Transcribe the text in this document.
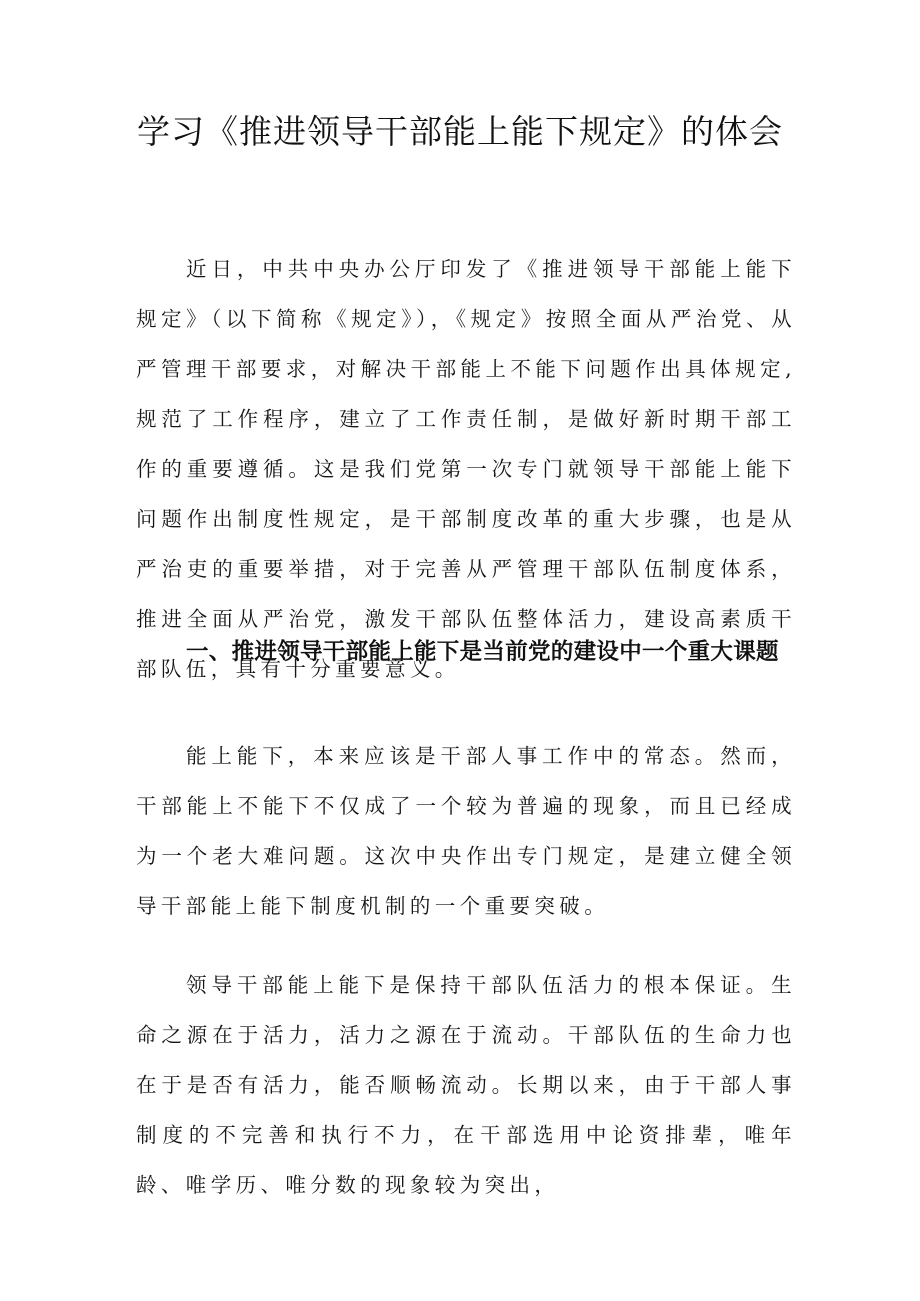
学习《推进领导干部能上能下规定》的体会

近日，中共中央办公厅印发了《推进领导干部能上能下规定》（以下简称《规定》），《规定》按照全面从严治党、从严管理干部要求，对解决干部能上不能下问题作出具体规定,规范了工作程序，建立了工作责任制，是做好新时期干部工作的重要遵循。这是我们党第一次专门就领导干部能上能下问题作出制度性规定，是干部制度改革的重大步骤，也是从严治吏的重要举措，对于完善从严管理干部队伍制度体系，推进全面从严治党，激发干部队伍整体活力，建设高素质干部队伍，具有十分重要意义。

一、推进领导干部能上能下是当前党的建设中一个重大课题

能上能下，本来应该是干部人事工作中的常态。然而，干部能上不能下不仅成了一个较为普遍的现象，而且已经成为一个老大难问题。这次中央作出专门规定，是建立健全领导干部能上能下制度机制的一个重要突破。

领导干部能上能下是保持干部队伍活力的根本保证。生命之源在于活力，活力之源在于流动。干部队伍的生命力也在于是否有活力，能否顺畅流动。长期以来，由于干部人事制度的不完善和执行不力，在干部选用中论资排辈，唯年龄、唯学历、唯分数的现象较为突出，
